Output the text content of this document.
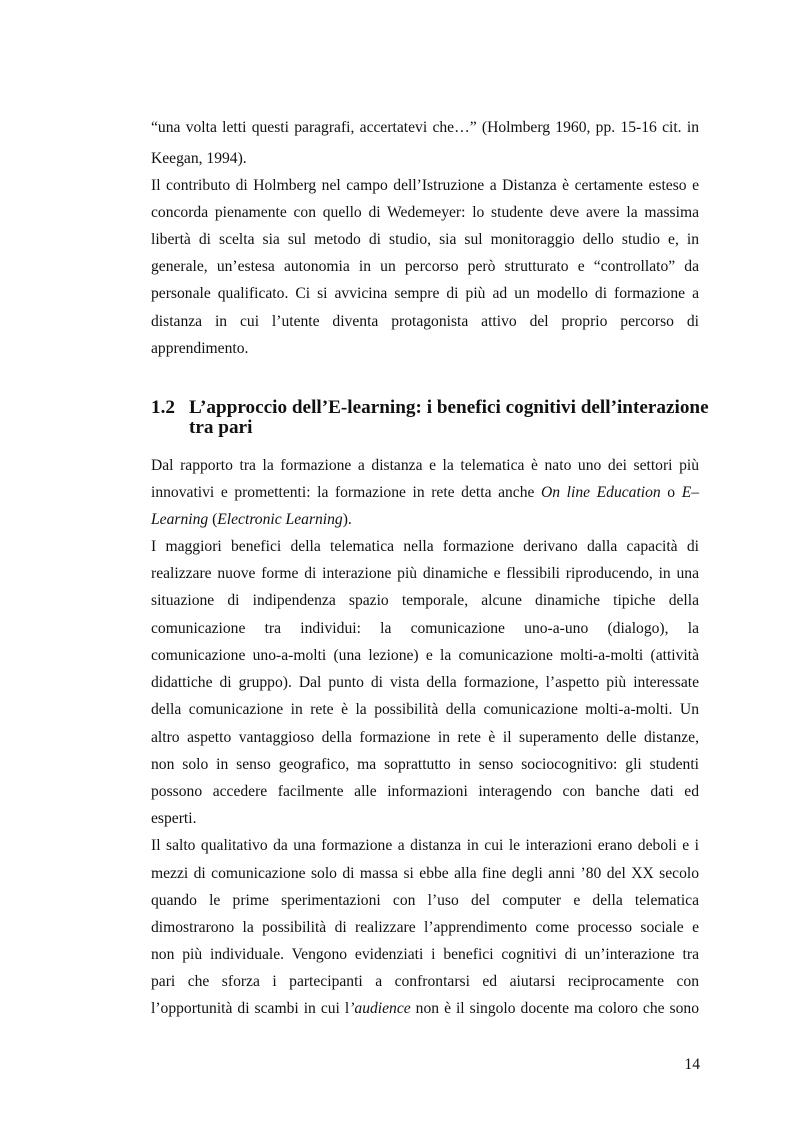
“una volta letti questi paragrafi, accertatevi che…” (Holmberg 1960, pp. 15-16 cit. in
Keegan, 1994).
Il contributo di Holmberg nel campo dell’Istruzione a Distanza è certamente esteso e
concorda pienamente con quello di Wedemeyer: lo studente deve avere la massima
libertà di scelta sia sul metodo di studio, sia sul monitoraggio dello studio e, in
generale, un’estesa autonomia in un percorso però strutturato e “controllato” da
personale qualificato. Ci si avvicina sempre di più ad un modello di formazione a
distanza in cui l’utente diventa protagonista attivo del proprio percorso di
apprendimento.
1.2 L’approccio dell’E-learning: i benefici cognitivi dell’interazione
tra pari
Dal rapporto tra la formazione a distanza e la telematica è nato uno dei settori più
innovativi e promettenti: la formazione in rete detta anche On line Education o E–
Learning (Electronic Learning).
I maggiori benefici della telematica nella formazione derivano dalla capacità di
realizzare nuove forme di interazione più dinamiche e flessibili riproducendo, in una
situazione di indipendenza spazio temporale, alcune dinamiche tipiche della
comunicazione tra individui: la comunicazione uno-a-uno (dialogo), la
comunicazione uno-a-molti (una lezione) e la comunicazione molti-a-molti (attività
didattiche di gruppo). Dal punto di vista della formazione, l’aspetto più interessate
della comunicazione in rete è la possibilità della comunicazione molti-a-molti. Un
altro aspetto vantaggioso della formazione in rete è il superamento delle distanze,
non solo in senso geografico, ma soprattutto in senso sociocognitivo: gli studenti
possono accedere facilmente alle informazioni interagendo con banche dati ed
esperti.
Il salto qualitativo da una formazione a distanza in cui le interazioni erano deboli e i
mezzi di comunicazione solo di massa si ebbe alla fine degli anni ’80 del XX secolo
quando le prime sperimentazioni con l’uso del computer e della telematica
dimostrarono la possibilità di realizzare l’apprendimento come processo sociale e
non più individuale. Vengono evidenziati i benefici cognitivi di un’interazione tra
pari che sforza i partecipanti a confrontarsi ed aiutarsi reciprocamente con
l’opportunità di scambi in cui l’audience non è il singolo docente ma coloro che sono
14
